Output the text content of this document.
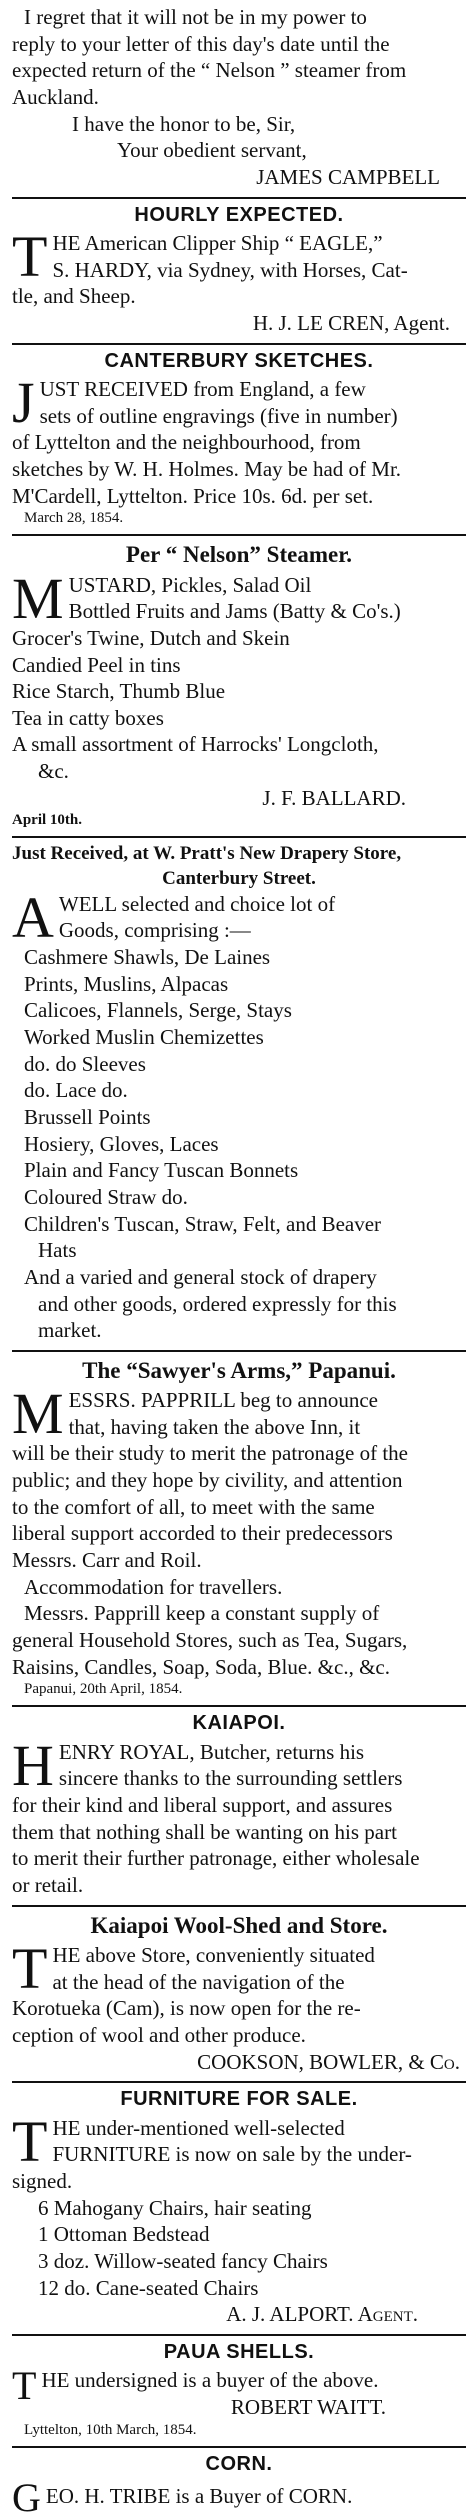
I regret that it will not be in my power to
reply to your letter of this day's date until the
expected return of the “ Nelson ” steamer from
Auckland.
I have the honor to be, Sir,
Your obedient servant,
JAMES CAMPBELL
HOURLY EXPECTED.
T HE American Clipper Ship “ EAGLE,”
S. HARDY, via Sydney, with Horses, Cat-
tle, and Sheep.
H. J. LE CREN, Agent.
CANTERBURY SKETCHES.
J UST RECEIVED from England, a few
sets of outline engravings (five in number)
of Lyttelton and the neighbourhood, from
sketches by W. H. Holmes. May be had of Mr.
M'Cardell, Lyttelton. Price 10s. 6d. per set.
March 28, 1854.
Per “ Nelson” Steamer.
M USTARD, Pickles, Salad Oil
Bottled Fruits and Jams (Batty & Co's.)
Grocer's Twine, Dutch and Skein
Candied Peel in tins
Rice Starch, Thumb Blue
Tea in catty boxes
A small assortment of Harrocks' Longcloth,
&c.
J. F. BALLARD.
April 10th.
Just Received, at W. Pratt's New Drapery Store,
Canterbury Street.
A WELL selected and choice lot of
Goods, comprising :—
Cashmere Shawls, De Laines
Prints, Muslins, Alpacas
Calicoes, Flannels, Serge, Stays
Worked Muslin Chemizettes
do. do Sleeves
do. Lace do.
Brussell Points
Hosiery, Gloves, Laces
Plain and Fancy Tuscan Bonnets
Coloured Straw do.
Children's Tuscan, Straw, Felt, and Beaver
Hats
And a varied and general stock of drapery
and other goods, ordered expressly for this
market.
The “Sawyer's Arms,” Papanui.
M ESSRS. PAPPRILL beg to announce
that, having taken the above Inn, it
will be their study to merit the patronage of the
public; and they hope by civility, and attention
to the comfort of all, to meet with the same
liberal support accorded to their predecessors
Messrs. Carr and Roil.
Accommodation for travellers.
Messrs. Papprill keep a constant supply of
general Household Stores, such as Tea, Sugars,
Raisins, Candles, Soap, Soda, Blue. &c., &c.
Papanui, 20th April, 1854.
KAIAPOI.
H ENRY ROYAL, Butcher, returns his
sincere thanks to the surrounding settlers
for their kind and liberal support, and assures
them that nothing shall be wanting on his part
to merit their further patronage, either wholesale
or retail.
Kaiapoi Wool-Shed and Store.
T HE above Store, conveniently situated
at the head of the navigation of the
Korotueka (Cam), is now open for the re-
ception of wool and other produce.
COOKSON, BOWLER, & Co.
FURNITURE FOR SALE.
T HE under-mentioned well-selected
FURNITURE is now on sale by the under-
signed.
6 Mahogany Chairs, hair seating
1 Ottoman Bedstead
3 doz. Willow-seated fancy Chairs
12 do. Cane-seated Chairs
A. J. ALPORT. Agent.
PAUA SHELLS.
T HE undersigned is a buyer of the above.
ROBERT WAITT.
Lyttelton, 10th March, 1854.
CORN.
G EO. H. TRIBE is a Buyer of CORN.
